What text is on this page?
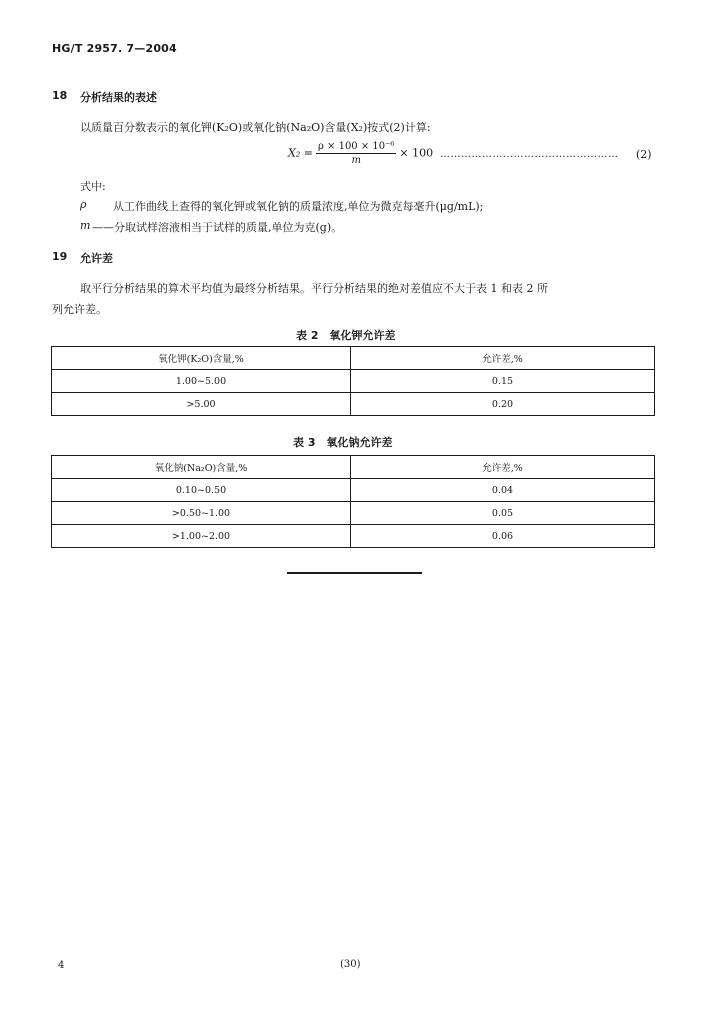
HG/T 2957. 7—2004
18 分析结果的表述
以质量百分数表示的氧化钾(K₂O)或氧化钠(Na₂O)含量(X₂)按式(2)计算:
$X_2 = \frac{\text{ρ × 100 × 10⁻⁶}}{m} \times 100$ …………………………………………… (2)
式中:
ρ 从工作曲线上查得的氧化钾或氧化钠的质量浓度,单位为微克每毫升(μg/mL);
m ——分取试样溶液相当于试样的质量,单位为克(g)。
19 允许差
取平行分析结果的算术平均值为最终分析结果。平行分析结果的绝对差值应不大于表 1 和表 2 所
列允许差。
表 2　氧化钾允许差
氧化钾(K₂O)含量,%	允许差,%
1.00~5.00	0.15
>5.00	0.20
表 3　氧化钠允许差
氧化钠(Na₂O)含量,%	允许差,%
0.10~0.50	0.04
>0.50~1.00	0.05
>1.00~2.00	0.06
4	(30)
